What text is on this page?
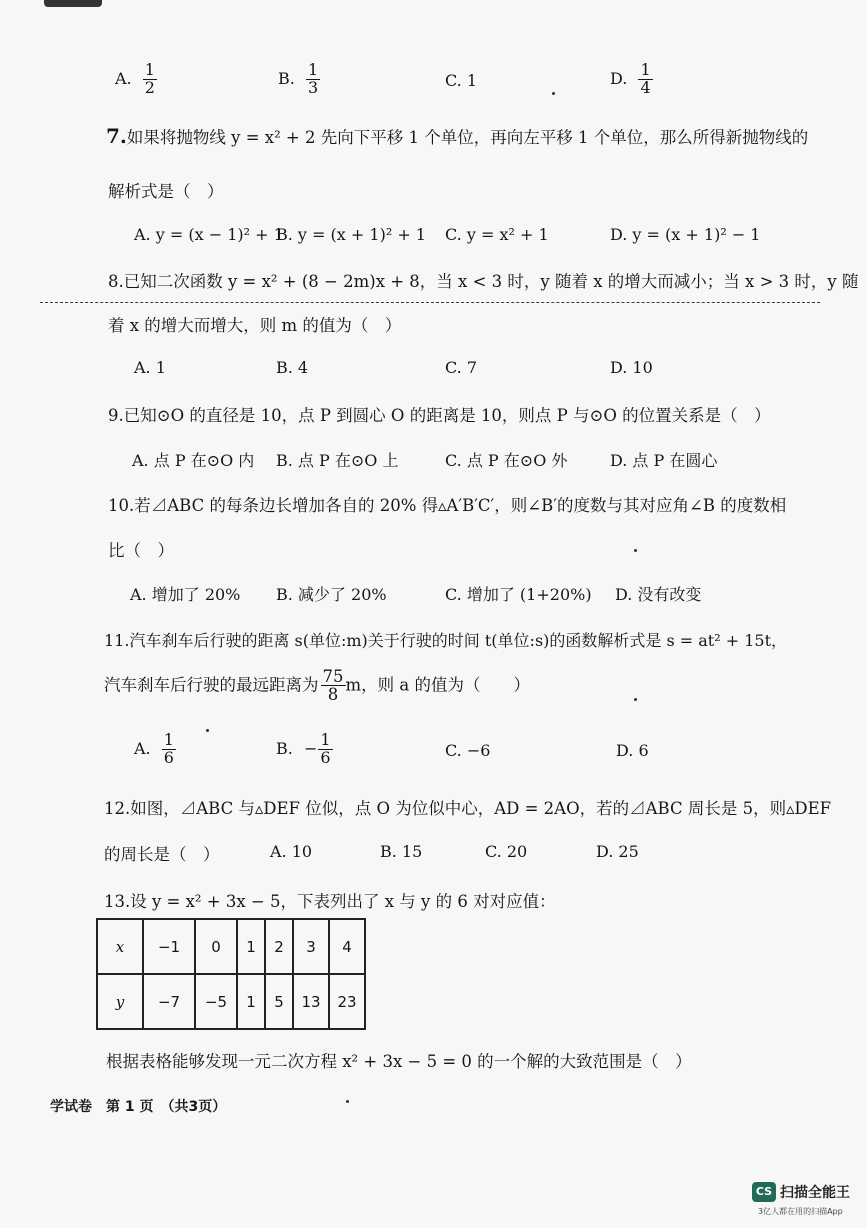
A. $\frac{1}{2}$	B. $\frac{1}{3}$	C. 1	D. $\frac{1}{4}$
7.如果将抛物线 y = x² + 2 先向下平移 1 个单位，再向左平移 1 个单位，那么所得新抛物线的
解析式是（　）
A. y = (x − 1)² + 1
B. y = (x + 1)² + 1 C. y = x² + 1	D. y = (x + 1)² − 1
8.已知二次函数 y = x² + (8 − 2m)x + 8，当 x < 3 时，y 随着 x 的增大而减小；当 x > 3 时，y 随
着 x 的增大而增大，则 m 的值为（　）
A. 1	B. 4	C. 7	D. 10
9.已知⊙O 的直径是 10，点 P 到圆心 O 的距离是 10，则点 P 与⊙O 的位置关系是（　）
A. 点 P 在⊙O 内 B. 点 P 在⊙O 上	C. 点 P 在⊙O 外	D. 点 P 在圆心
10.若⊿ABC 的每条边长增加各自的 20% 得▵A′B′C′，则∠B′的度数与其对应角∠B 的度数相
比（　）
A. 增加了 20% B. 减少了 20%	C. 增加了 (1+20%) D. 没有改变
11.汽车刹车后行驶的距离 s(单位:m)关于行驶的时间 t(单位:s)的函数解析式是 s = at² + 15t，
汽车刹车后行驶的最远距离为 $\frac{75}{8}$ m，则 a 的值为（　　）
A. $\frac{1}{6}$	B. − $\frac{1}{6}$	C. −6	D. 6
12.如图，⊿ABC 与▵DEF 位似，点 O 为位似中心，AD = 2AO，若的⊿ABC 周长是 5，则▵DEF
的周长是（　）	A. 10	B. 15	C. 20	D. 25
13.设 y = x² + 3x − 5，下表列出了 x 与 y 的 6 对对应值：
x	−1	0	1	2	3	4
y	−7	−5	1	5	13	23
根据表格能够发现一元二次方程 x² + 3x − 5 = 0 的一个解的大致范围是（　）
学试卷　第 1 页　（共3页）
CS 扫描全能王
3亿人都在用的扫描App
